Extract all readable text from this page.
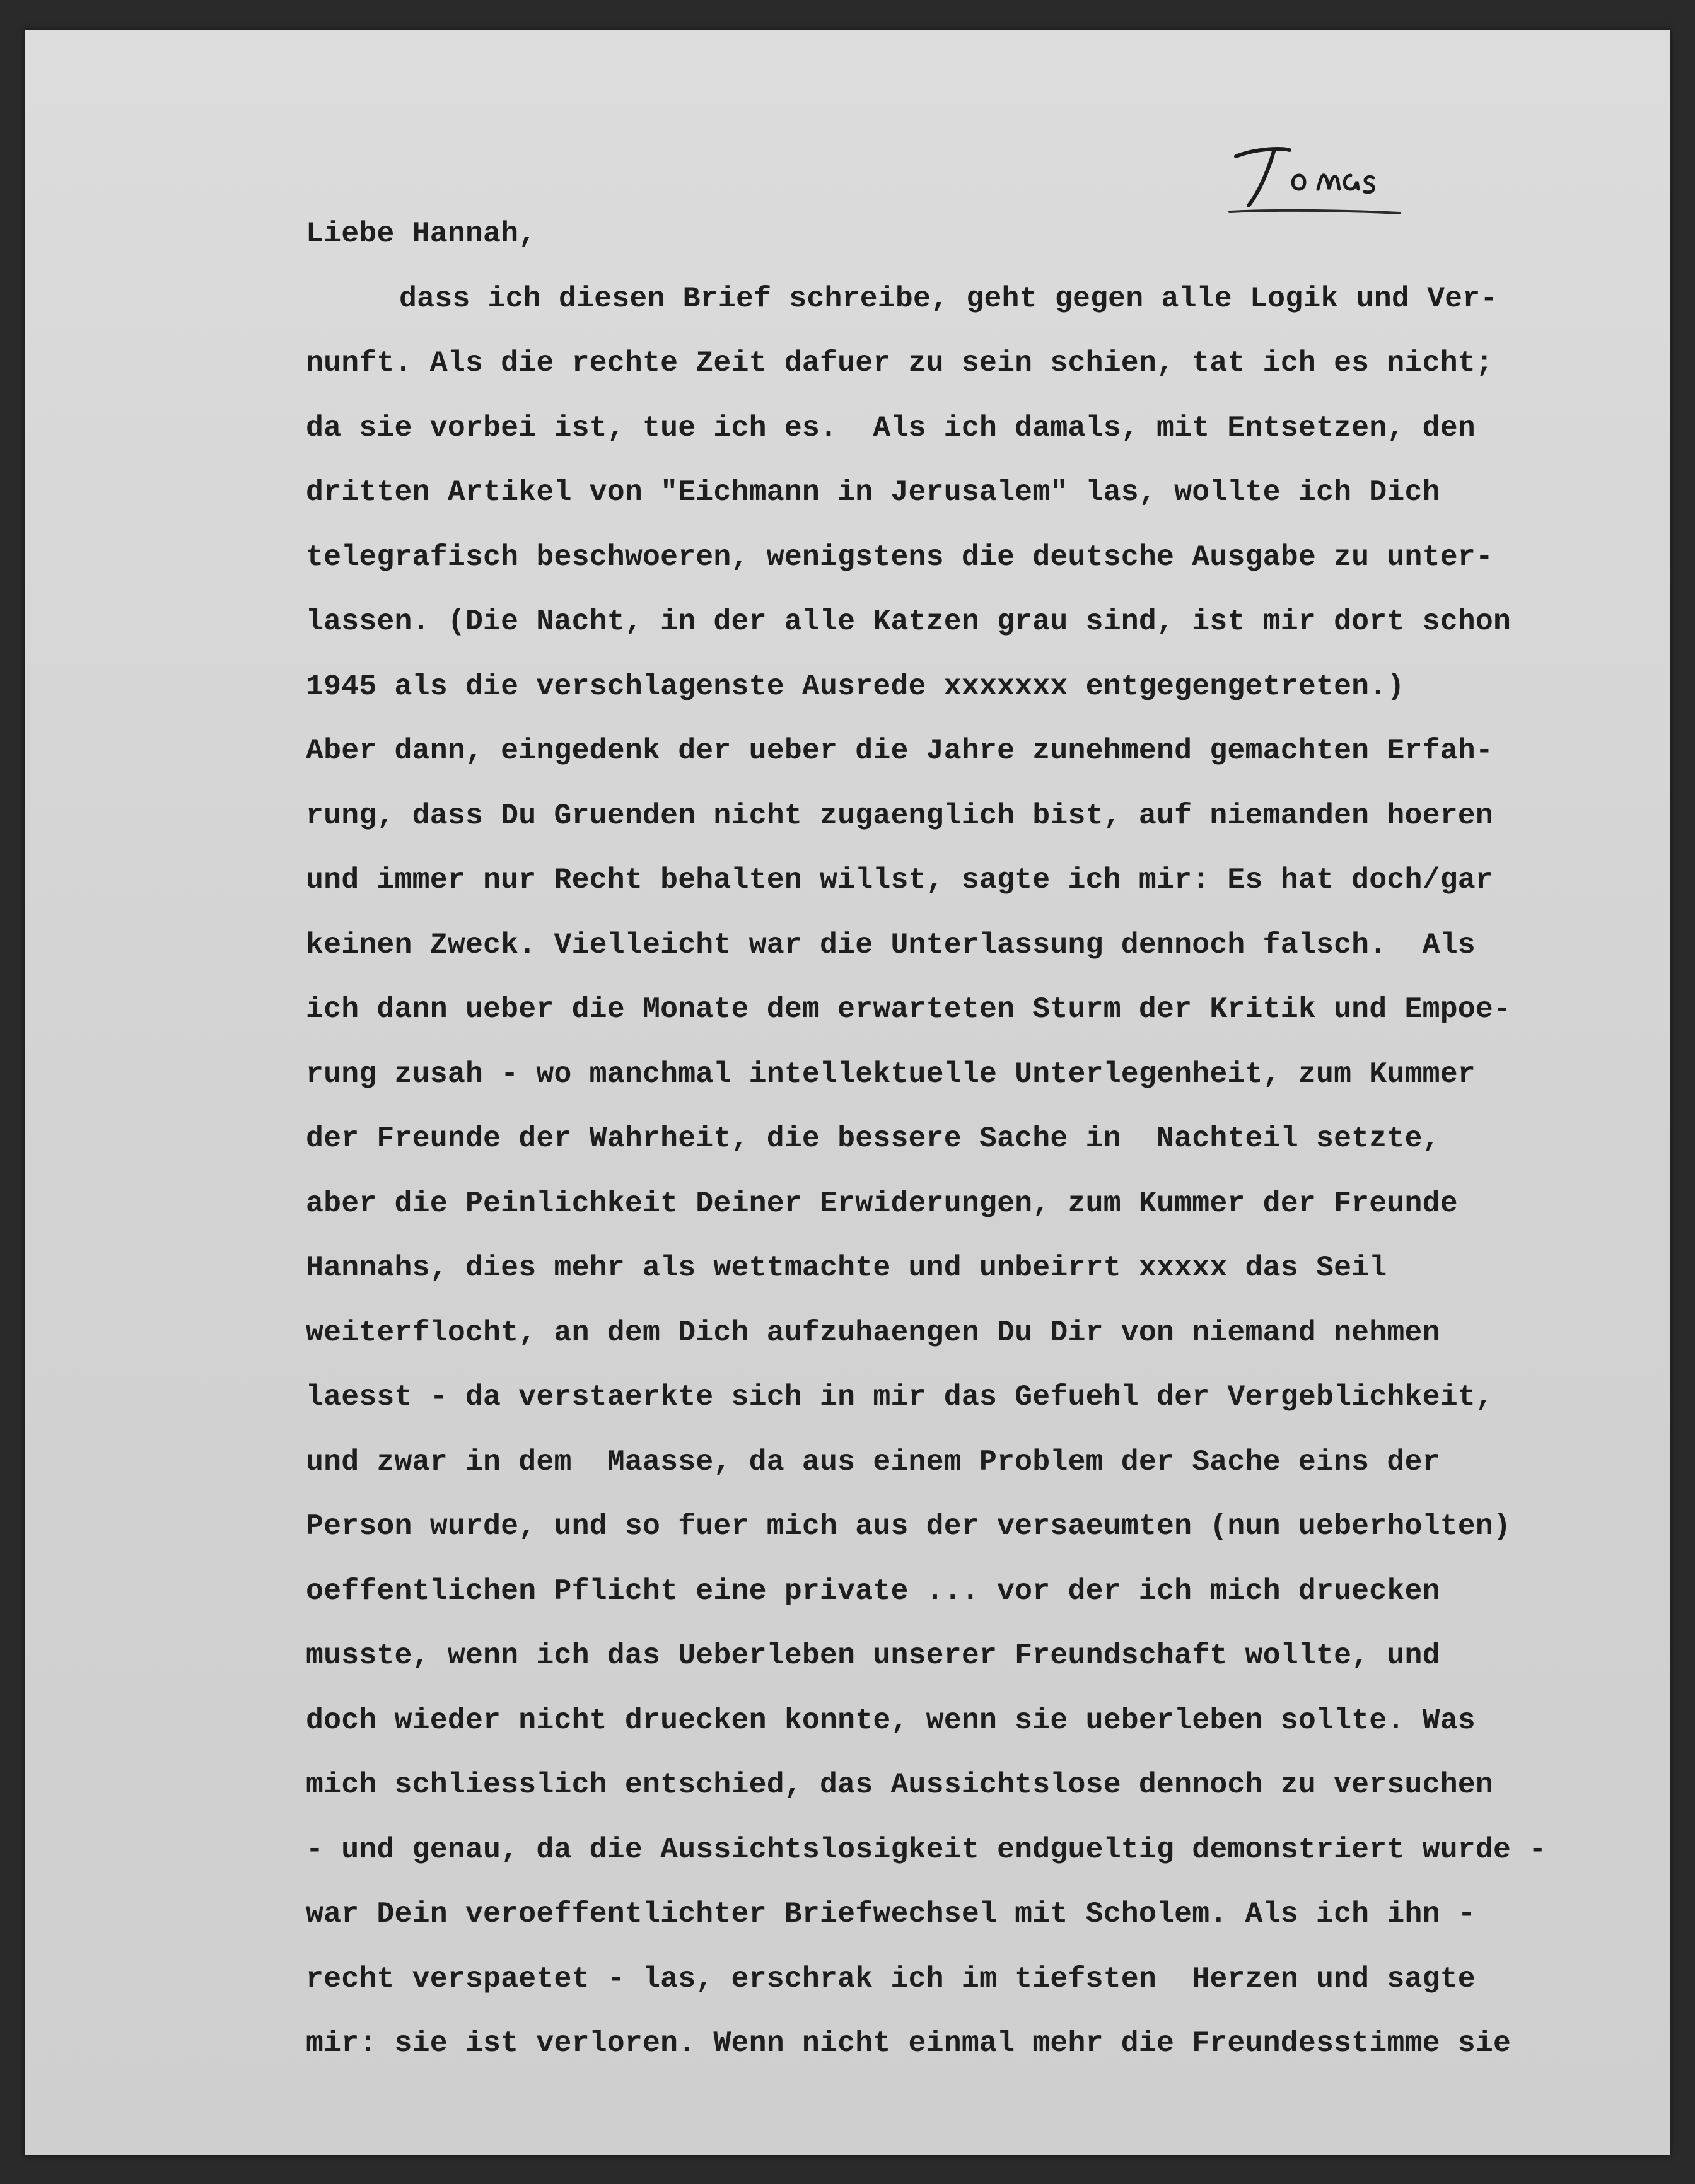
Liebe Hannah,
dass ich diesen Brief schreibe, geht gegen alle Logik und Ver-
nunft. Als die rechte Zeit dafuer zu sein schien, tat ich es nicht;
da sie vorbei ist, tue ich es.  Als ich damals, mit Entsetzen, den
dritten Artikel von "Eichmann in Jerusalem" las, wollte ich Dich
telegrafisch beschwoeren, wenigstens die deutsche Ausgabe zu unter-
lassen. (Die Nacht, in der alle Katzen grau sind, ist mir dort schon
1945 als die verschlagenste Ausrede xxxxxxx entgegengetreten.)
Aber dann, eingedenk der ueber die Jahre zunehmend gemachten Erfah-
rung, dass Du Gruenden nicht zugaenglich bist, auf niemanden hoeren
und immer nur Recht behalten willst, sagte ich mir: Es hat doch/gar
keinen Zweck. Vielleicht war die Unterlassung dennoch falsch.  Als
ich dann ueber die Monate dem erwarteten Sturm der Kritik und Empoe-
rung zusah - wo manchmal intellektuelle Unterlegenheit, zum Kummer
der Freunde der Wahrheit, die bessere Sache in  Nachteil setzte,
aber die Peinlichkeit Deiner Erwiderungen, zum Kummer der Freunde
Hannahs, dies mehr als wettmachte und unbeirrt xxxxx das Seil
weiterflocht, an dem Dich aufzuhaengen Du Dir von niemand nehmen
laesst - da verstaerkte sich in mir das Gefuehl der Vergeblichkeit,
und zwar in dem  Maasse, da aus einem Problem der Sache eins der
Person wurde, und so fuer mich aus der versaeumten (nun ueberholten)
oeffentlichen Pflicht eine private ... vor der ich mich druecken
musste, wenn ich das Ueberleben unserer Freundschaft wollte, und
doch wieder nicht druecken konnte, wenn sie ueberleben sollte. Was
mich schliesslich entschied, das Aussichtslose dennoch zu versuchen
- und genau, da die Aussichtslosigkeit endgueltig demonstriert wurde -
war Dein veroeffentlichter Briefwechsel mit Scholem. Als ich ihn -
recht verspaetet - las, erschrak ich im tiefsten  Herzen und sagte
mir: sie ist verloren. Wenn nicht einmal mehr die Freundesstimme sie
